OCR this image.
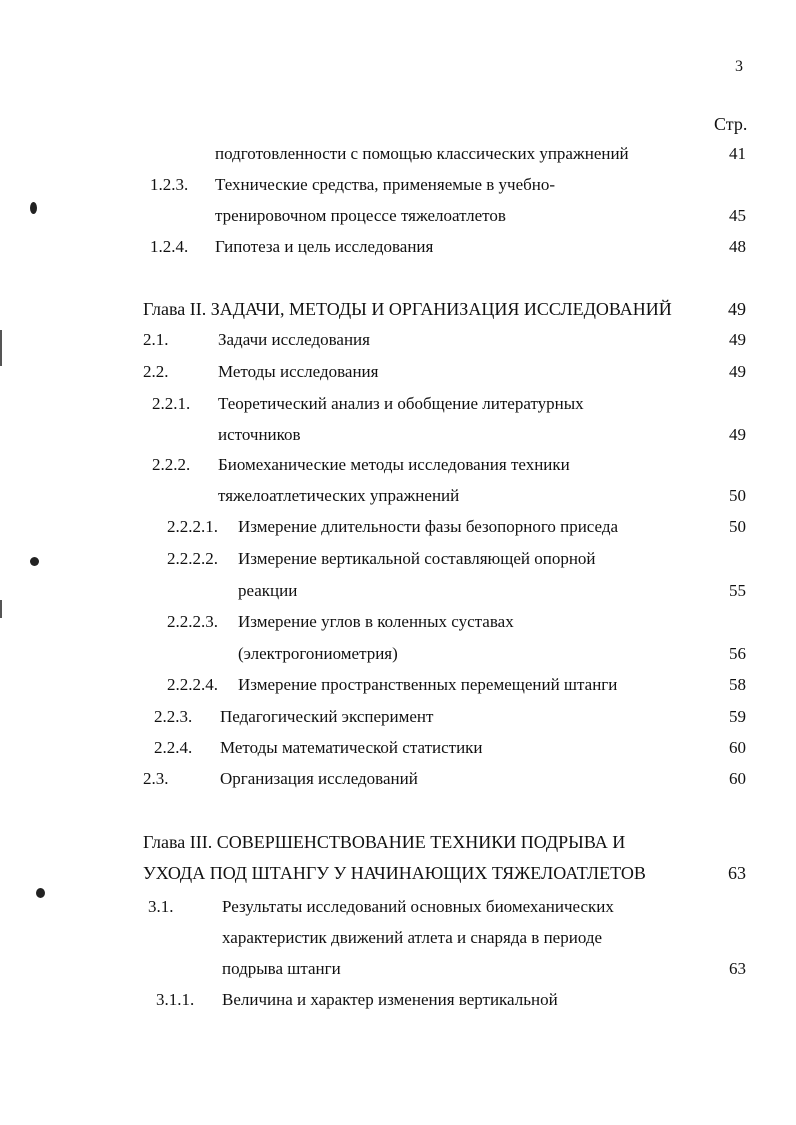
3
Стр.
подготовленности с помощью классических упражнений	41
1.2.3. Технические средства, применяемые в учебно-
тренировочном процессе тяжелоатлетов	45
1.2.4. Гипотеза и цель исследования	48
Глава II. ЗАДАЧИ, МЕТОДЫ И ОРГАНИЗАЦИЯ ИССЛЕДОВАНИЙ	49
2.1.	Задачи исследования	49
2.2.	Методы исследования	49
2.2.1. Теоретический анализ и обобщение литературных
источников	49
2.2.2. Биомеханические методы исследования техники
тяжелоатлетических упражнений	50
2.2.2.1. Измерение длительности фазы безопорного приседа	50
2.2.2.2. Измерение вертикальной составляющей опорной
реакции	55
2.2.2.3. Измерение углов в коленных суставах
(электрогониометрия)	56
2.2.2.4. Измерение пространственных перемещений штанги	58
2.2.3. Педагогический эксперимент	59
2.2.4. Методы математической статистики	60
2.3.	Организация исследований	60
Глава III. СОВЕРШЕНСТВОВАНИЕ ТЕХНИКИ ПОДРЫВА И
УХОДА ПОД ШТАНГУ У НАЧИНАЮЩИХ ТЯЖЕЛОАТЛЕТОВ	63
3.1.	Результаты исследований основных биомеханических
характеристик движений атлета и снаряда в периоде
подрыва штанги	63
3.1.1. Величина и характер изменения вертикальной
